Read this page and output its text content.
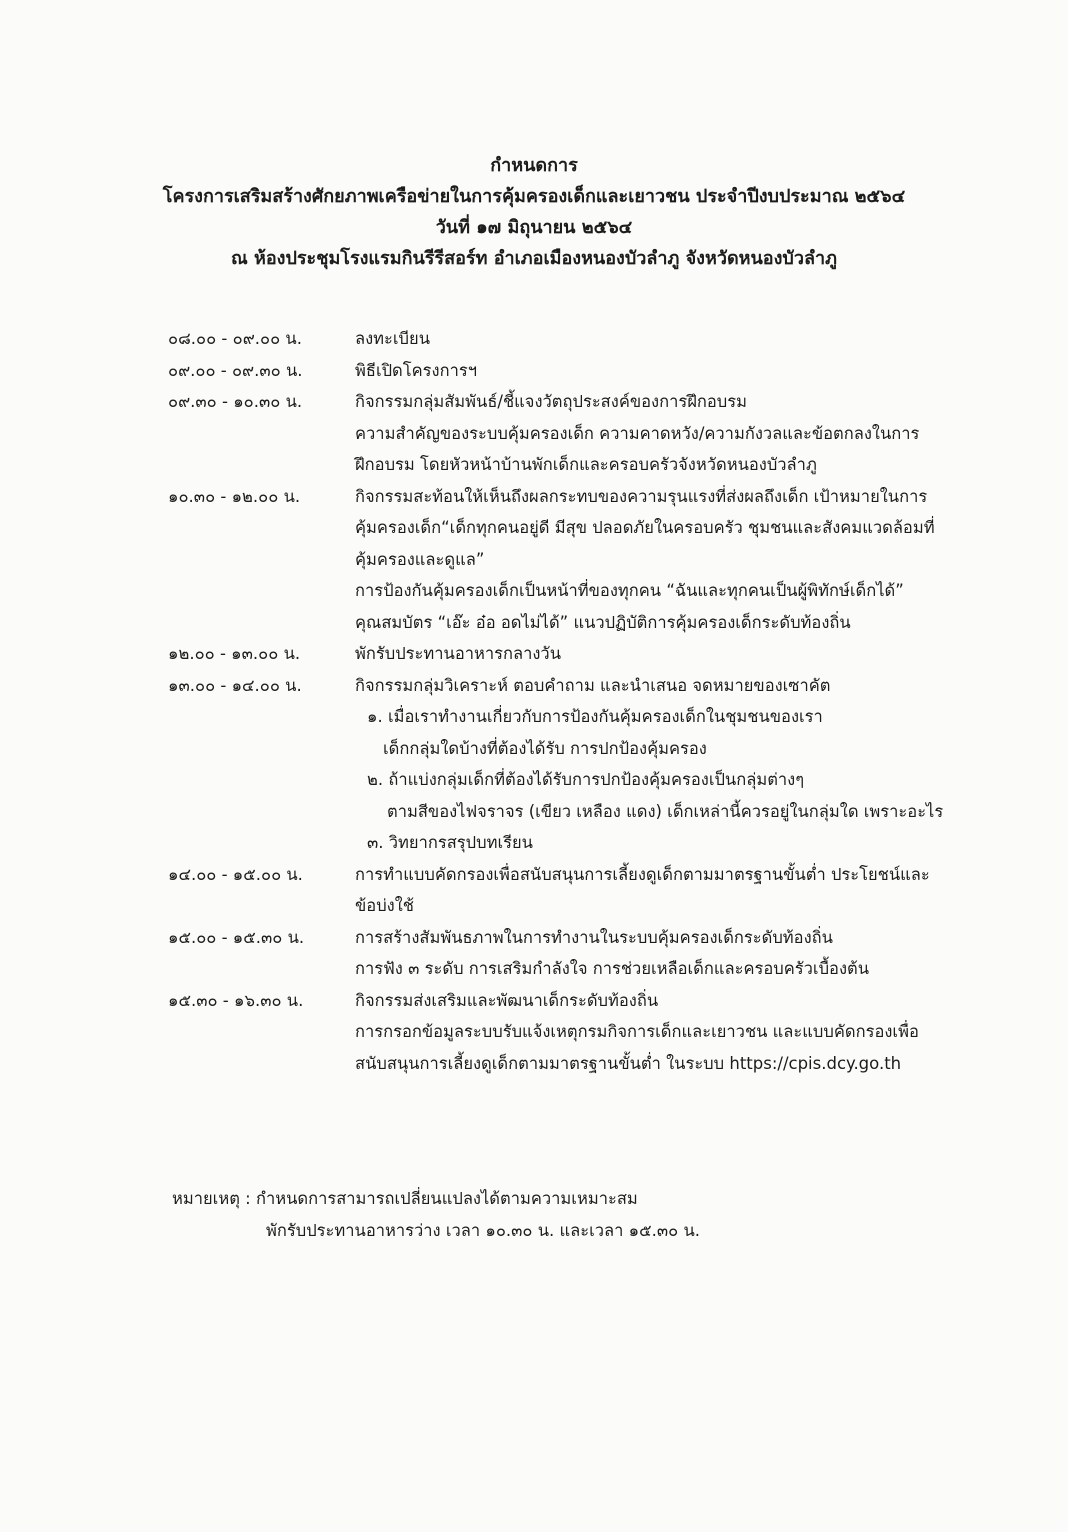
กำหนดการ
โครงการเสริมสร้างศักยภาพเครือข่ายในการคุ้มครองเด็กและเยาวชน ประจำปีงบประมาณ ๒๕๖๔
วันที่ ๑๗ มิถุนายน ๒๕๖๔
ณ ห้องประชุมโรงแรมกินรีรีสอร์ท อำเภอเมืองหนองบัวลำภู จังหวัดหนองบัวลำภู
๐๘.๐๐ - ๐๙.๐๐ น.	ลงทะเบียน
๐๙.๐๐ - ๐๙.๓๐ น.	พิธีเปิดโครงการฯ
๐๙.๓๐ - ๑๐.๓๐ น.	กิจกรรมกลุ่มสัมพันธ์/ชี้แจงวัตถุประสงค์ของการฝึกอบรม
ความสำคัญของระบบคุ้มครองเด็ก ความคาดหวัง/ความกังวลและข้อตกลงในการ
ฝึกอบรม โดยหัวหน้าบ้านพักเด็กและครอบครัวจังหวัดหนองบัวลำภู
๑๐.๓๐ - ๑๒.๐๐ น.	กิจกรรมสะท้อนให้เห็นถึงผลกระทบของความรุนแรงที่ส่งผลถึงเด็ก เป้าหมายในการ
คุ้มครองเด็ก“เด็กทุกคนอยู่ดี มีสุข ปลอดภัยในครอบครัว ชุมชนและสังคมแวดล้อมที่
คุ้มครองและดูแล”
การป้องกันคุ้มครองเด็กเป็นหน้าที่ของทุกคน “ฉันและทุกคนเป็นผู้พิทักษ์เด็กได้”
คุณสมบัตร “เอ๊ะ อ๋อ อดไม่ได้” แนวปฏิบัติการคุ้มครองเด็กระดับท้องถิ่น
๑๒.๐๐ - ๑๓.๐๐ น.	พักรับประทานอาหารกลางวัน
๑๓.๐๐ - ๑๔.๐๐ น.	กิจกรรมกลุ่มวิเคราะห์ ตอบคำถาม และนำเสนอ จดหมายของเซาคัต
๑. เมื่อเราทำงานเกี่ยวกับการป้องกันคุ้มครองเด็กในชุมชนของเรา
เด็กกลุ่มใดบ้างที่ต้องได้รับ การปกป้องคุ้มครอง
๒. ถ้าแบ่งกลุ่มเด็กที่ต้องได้รับการปกป้องคุ้มครองเป็นกลุ่มต่างๆ
ตามสีของไฟจราจร (เขียว เหลือง แดง) เด็กเหล่านี้ควรอยู่ในกลุ่มใด เพราะอะไร
๓. วิทยากรสรุปบทเรียน
๑๔.๐๐ - ๑๕.๐๐ น.	การทำแบบคัดกรองเพื่อสนับสนุนการเลี้ยงดูเด็กตามมาตรฐานขั้นต่ำ ประโยชน์และ
ข้อบ่งใช้
๑๕.๐๐ - ๑๕.๓๐ น.	การสร้างสัมพันธภาพในการทำงานในระบบคุ้มครองเด็กระดับท้องถิ่น
การฟัง ๓ ระดับ การเสริมกำลังใจ การช่วยเหลือเด็กและครอบครัวเบื้องต้น
๑๕.๓๐ - ๑๖.๓๐ น.	กิจกรรมส่งเสริมและพัฒนาเด็กระดับท้องถิ่น
การกรอกข้อมูลระบบรับแจ้งเหตุกรมกิจการเด็กและเยาวชน และแบบคัดกรองเพื่อ
สนับสนุนการเลี้ยงดูเด็กตามมาตรฐานขั้นต่ำ ในระบบ https://cpis.dcy.go.th
หมายเหตุ : กำหนดการสามารถเปลี่ยนแปลงได้ตามความเหมาะสม
พักรับประทานอาหารว่าง เวลา ๑๐.๓๐ น. และเวลา ๑๕.๓๐ น.
